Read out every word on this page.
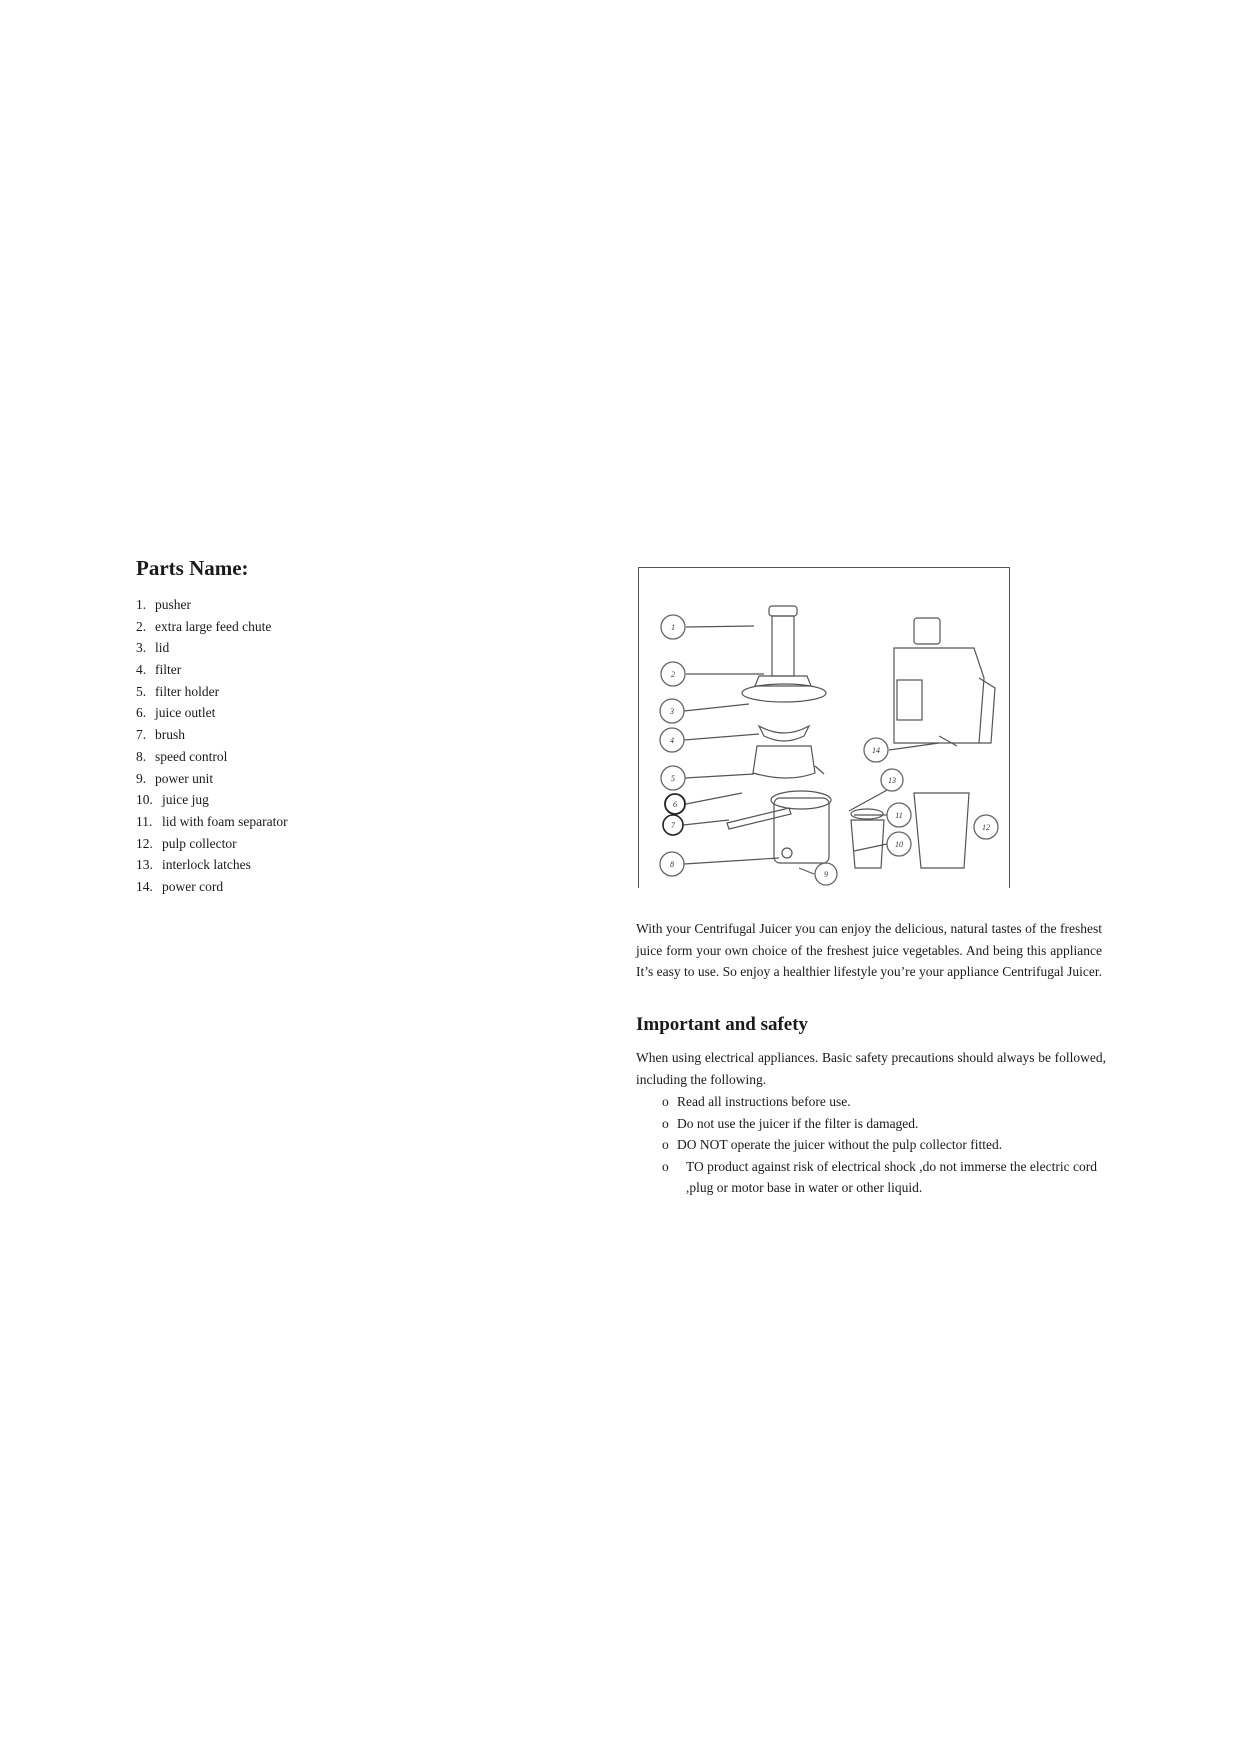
Parts Name:
1. pusher
2. extra large feed chute
3. lid
4. filter
5. filter holder
6. juice outlet
7. brush
8. speed control
9. power unit
10. juice jug
11. lid with foam separator
12. pulp collector
13. interlock latches
14. power cord
1
2
3
4
5
6
7
8
9
10
11
12
13
14

With your Centrifugal Juicer you can enjoy the delicious, natural tastes of the freshest juice form your own choice of the freshest juice vegetables. And being this appliance It’s easy to use. So enjoy a healthier lifestyle you’re your appliance Centrifugal Juicer.

Important and safety

When using electrical appliances. Basic safety precautions should always be followed, including the following.

o Read all instructions before use.
o Do not use the juicer if the filter is damaged.
o DO NOT operate the juicer without the pulp collector fitted.
o TO product against risk of electrical shock ,do not immerse the electric cord ,plug or motor base in water or other liquid.
